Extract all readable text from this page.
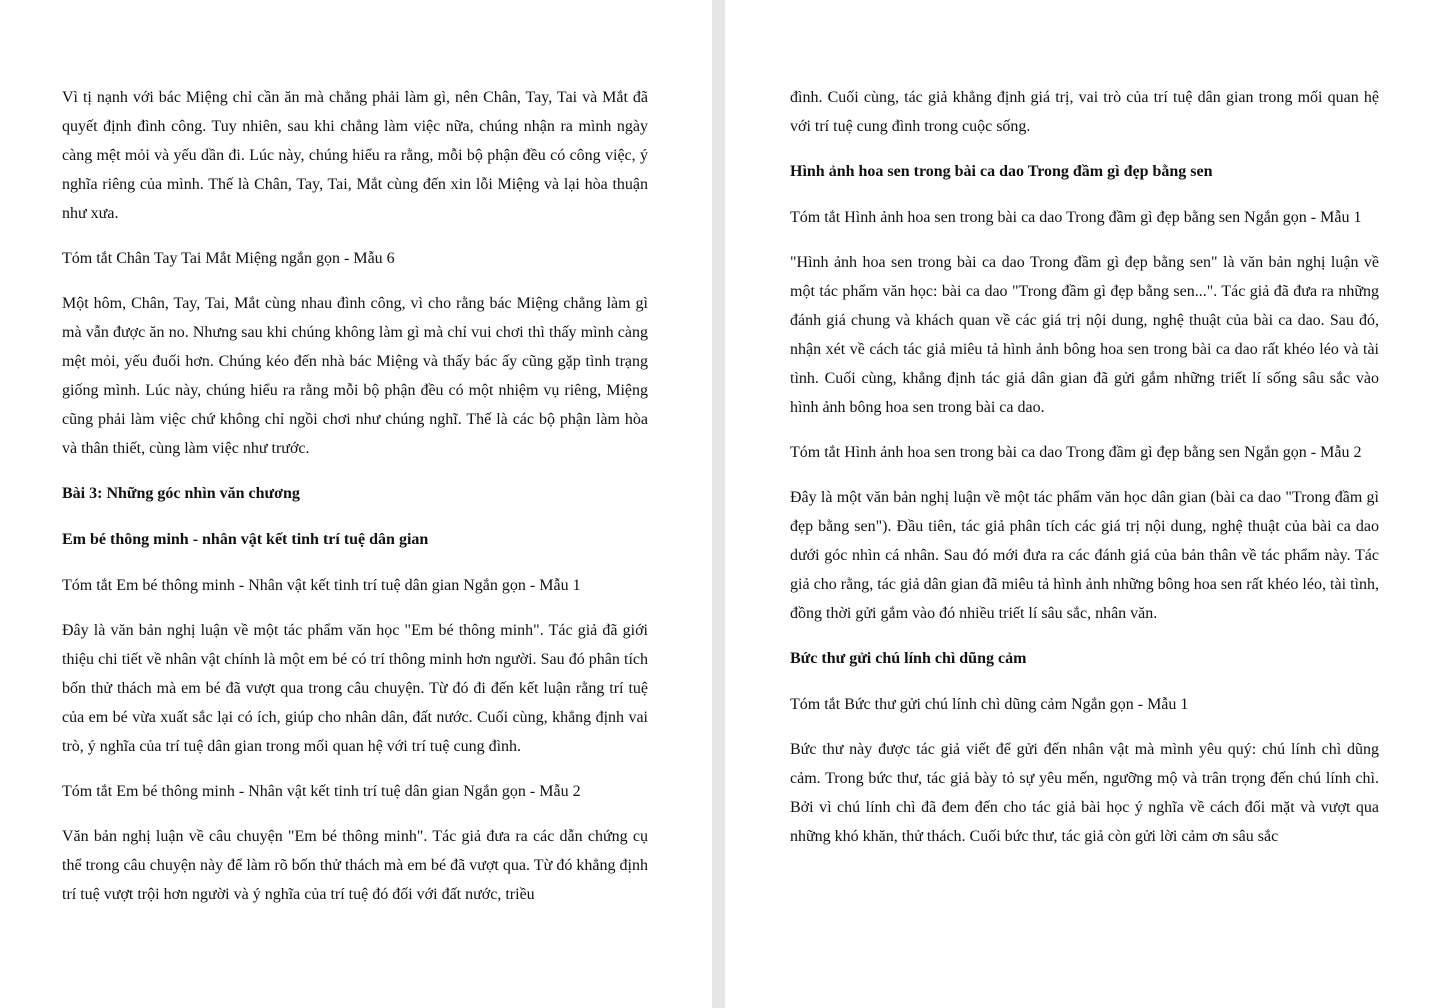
Vì tị nạnh với bác Miệng chỉ cần ăn mà chẳng phải làm gì, nên Chân, Tay, Tai và Mắt đã quyết định đình công. Tuy nhiên, sau khi chẳng làm việc nữa, chúng nhận ra mình ngày càng mệt mỏi và yếu dần đi. Lúc này, chúng hiểu ra rằng, mỗi bộ phận đều có công việc, ý nghĩa riêng của mình. Thế là Chân, Tay, Tai, Mắt cùng đến xin lỗi Miệng và lại hòa thuận như xưa.

Tóm tắt Chân Tay Tai Mắt Miệng ngắn gọn - Mẫu 6

Một hôm, Chân, Tay, Tai, Mắt cùng nhau đình công, vì cho rằng bác Miệng chẳng làm gì mà vẫn được ăn no. Nhưng sau khi chúng không làm gì mà chỉ vui chơi thì thấy mình càng mệt mỏi, yếu đuối hơn. Chúng kéo đến nhà bác Miệng và thấy bác ấy cũng gặp tình trạng giống mình. Lúc này, chúng hiểu ra rằng mỗi bộ phận đều có một nhiệm vụ riêng, Miệng cũng phải làm việc chứ không chỉ ngồi chơi như chúng nghĩ. Thế là các bộ phận làm hòa và thân thiết, cùng làm việc như trước.

Bài 3: Những góc nhìn văn chương

Em bé thông minh - nhân vật kết tinh trí tuệ dân gian

Tóm tắt Em bé thông minh - Nhân vật kết tinh trí tuệ dân gian Ngắn gọn - Mẫu 1

Đây là văn bản nghị luận về một tác phẩm văn học "Em bé thông minh". Tác giả đã giới thiệu chi tiết về nhân vật chính là một em bé có trí thông minh hơn người. Sau đó phân tích bốn thử thách mà em bé đã vượt qua trong câu chuyện. Từ đó đi đến kết luận rằng trí tuệ của em bé vừa xuất sắc lại có ích, giúp cho nhân dân, đất nước. Cuối cùng, khẳng định vai trò, ý nghĩa của trí tuệ dân gian trong mối quan hệ với trí tuệ cung đình.

Tóm tắt Em bé thông minh - Nhân vật kết tinh trí tuệ dân gian Ngắn gọn - Mẫu 2

Văn bản nghị luận về câu chuyện "Em bé thông minh". Tác giả đưa ra các dẫn chứng cụ thể trong câu chuyện này để làm rõ bốn thử thách mà em bé đã vượt qua. Từ đó khẳng định trí tuệ vượt trội hơn người và ý nghĩa của trí tuệ đó đối với đất nước, triều

đình. Cuối cùng, tác giả khẳng định giá trị, vai trò của trí tuệ dân gian trong mối quan hệ với trí tuệ cung đình trong cuộc sống.

Hình ảnh hoa sen trong bài ca dao Trong đầm gì đẹp bằng sen

Tóm tắt Hình ảnh hoa sen trong bài ca dao Trong đầm gì đẹp bằng sen Ngắn gọn - Mẫu 1

"Hình ảnh hoa sen trong bài ca dao Trong đầm gì đẹp bằng sen" là văn bản nghị luận về một tác phẩm văn học: bài ca dao "Trong đầm gì đẹp bằng sen...". Tác giả đã đưa ra những đánh giá chung và khách quan về các giá trị nội dung, nghệ thuật của bài ca dao. Sau đó, nhận xét về cách tác giả miêu tả hình ảnh bông hoa sen trong bài ca dao rất khéo léo và tài tình. Cuối cùng, khẳng định tác giả dân gian đã gửi gắm những triết lí sống sâu sắc vào hình ảnh bông hoa sen trong bài ca dao.

Tóm tắt Hình ảnh hoa sen trong bài ca dao Trong đầm gì đẹp bằng sen Ngắn gọn - Mẫu 2

Đây là một văn bản nghị luận về một tác phẩm văn học dân gian (bài ca dao "Trong đầm gì đẹp bằng sen"). Đầu tiên, tác giả phân tích các giá trị nội dung, nghệ thuật của bài ca dao dưới góc nhìn cá nhân. Sau đó mới đưa ra các đánh giá của bản thân về tác phẩm này. Tác giả cho rằng, tác giả dân gian đã miêu tả hình ảnh những bông hoa sen rất khéo léo, tài tình, đồng thời gửi gắm vào đó nhiều triết lí sâu sắc, nhân văn.

Bức thư gửi chú lính chì dũng cảm

Tóm tắt Bức thư gửi chú lính chì dũng cảm Ngắn gọn - Mẫu 1

Bức thư này được tác giả viết để gửi đến nhân vật mà mình yêu quý: chú lính chì dũng cảm. Trong bức thư, tác giả bày tỏ sự yêu mến, ngưỡng mộ và trân trọng đến chú lính chì. Bởi vì chú lính chì đã đem đến cho tác giả bài học ý nghĩa về cách đối mặt và vượt qua những khó khăn, thử thách. Cuối bức thư, tác giả còn gửi lời cảm ơn sâu sắc
